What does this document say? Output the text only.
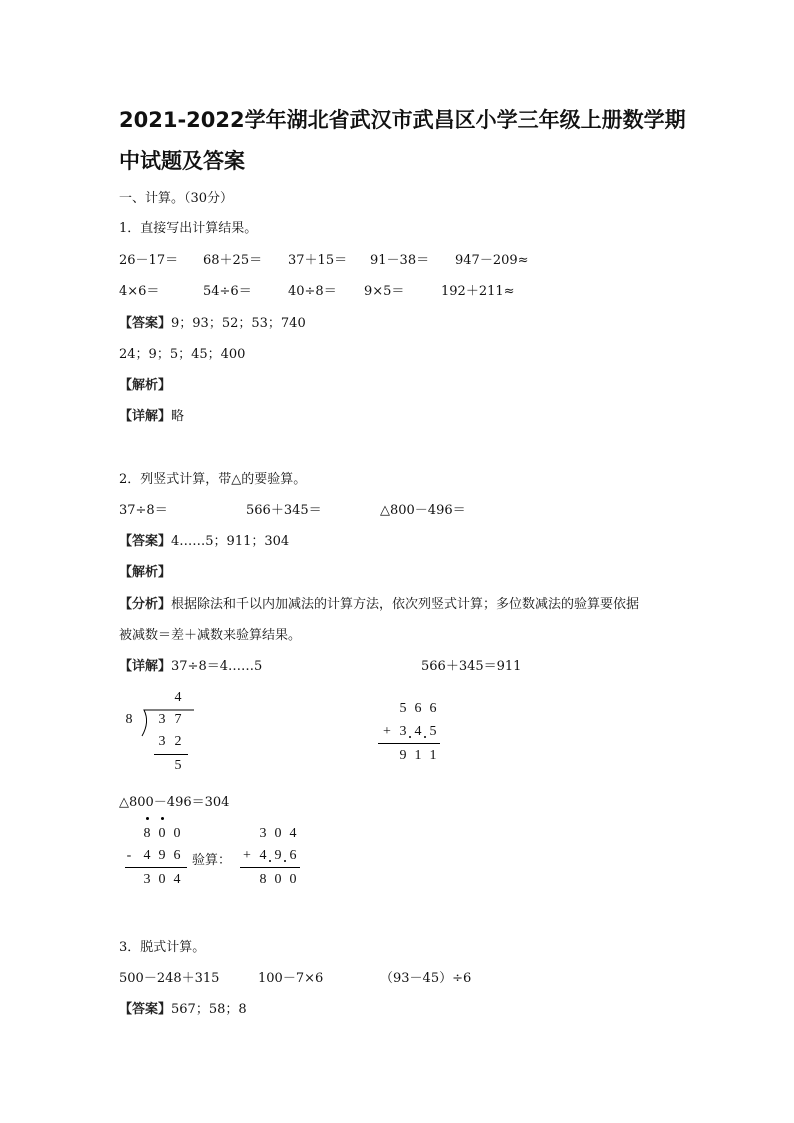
2021-2022学年湖北省武汉市武昌区小学三年级上册数学期
中试题及答案
一、计算。（30分）
1．直接写出计算结果。
26－17＝ 68＋25＝ 37＋15＝ 91－38＝ 947－209≈
4×6＝	54÷6＝	40÷8＝ 9×5＝	192＋211≈
【答案】9；93；52；53；740
24；9；5；45；400
【解析】
【详解】略
2．列竖式计算，带△的要验算。
37÷8＝	566＋345＝	△800－496＝
【答案】4……5；911；304
【解析】
【分析】根据除法和千以内加减法的计算方法，依次列竖式计算；多位数减法的验算要依据
被减数＝差＋减数来验算结果。
【详解】37÷8＝4……5	566＋345＝911
4
8 3 7
3 2
5
5 6 6
+ 3 4 5
9 1 1
△800－496＝304
8 0 0
- 4 9 6
3 0 4
验算：
3 0 4
+ 4 9 6
8 0 0
3．脱式计算。
500－248＋315	100－7×6	（93－45）÷6
【答案】567；58；8
